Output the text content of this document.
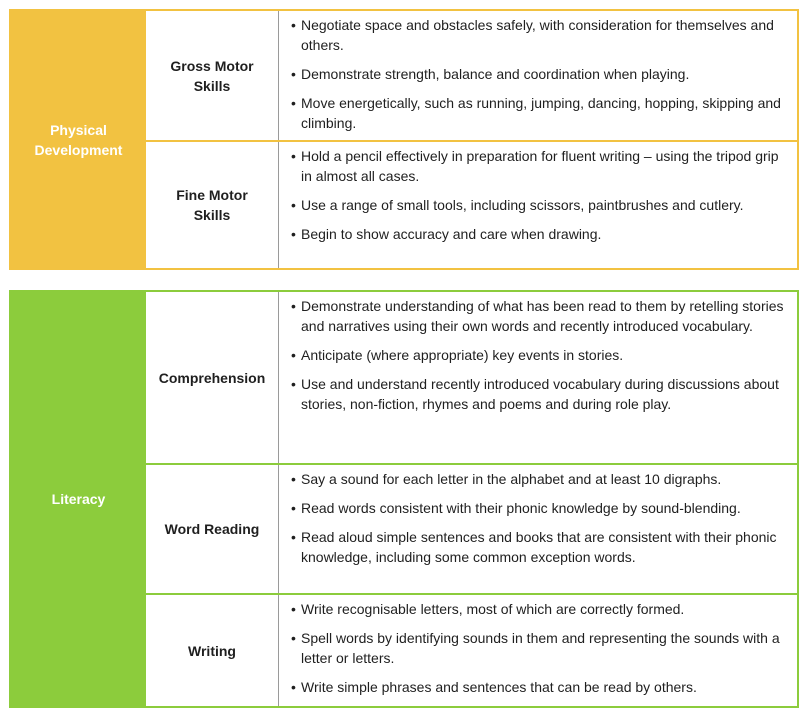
Physical Development
Gross Motor Skills
• Negotiate space and obstacles safely, with consideration for themselves and others.
• Demonstrate strength, balance and coordination when playing.
• Move energetically, such as running, jumping, dancing, hopping, skipping and climbing.
Fine Motor Skills
• Hold a pencil effectively in preparation for fluent writing – using the tripod grip in almost all cases.
• Use a range of small tools, including scissors, paintbrushes and cutlery.
• Begin to show accuracy and care when drawing.
Literacy
Comprehension
• Demonstrate understanding of what has been read to them by retelling stories and narratives using their own words and recently introduced vocabulary.
• Anticipate (where appropriate) key events in stories.
• Use and understand recently introduced vocabulary during discussions about stories, non-fiction, rhymes and poems and during role play.
Word Reading
• Say a sound for each letter in the alphabet and at least 10 digraphs.
• Read words consistent with their phonic knowledge by sound-blending.
• Read aloud simple sentences and books that are consistent with their phonic knowledge, including some common exception words.
Writing
• Write recognisable letters, most of which are correctly formed.
• Spell words by identifying sounds in them and representing the sounds with a letter or letters.
• Write simple phrases and sentences that can be read by others.
